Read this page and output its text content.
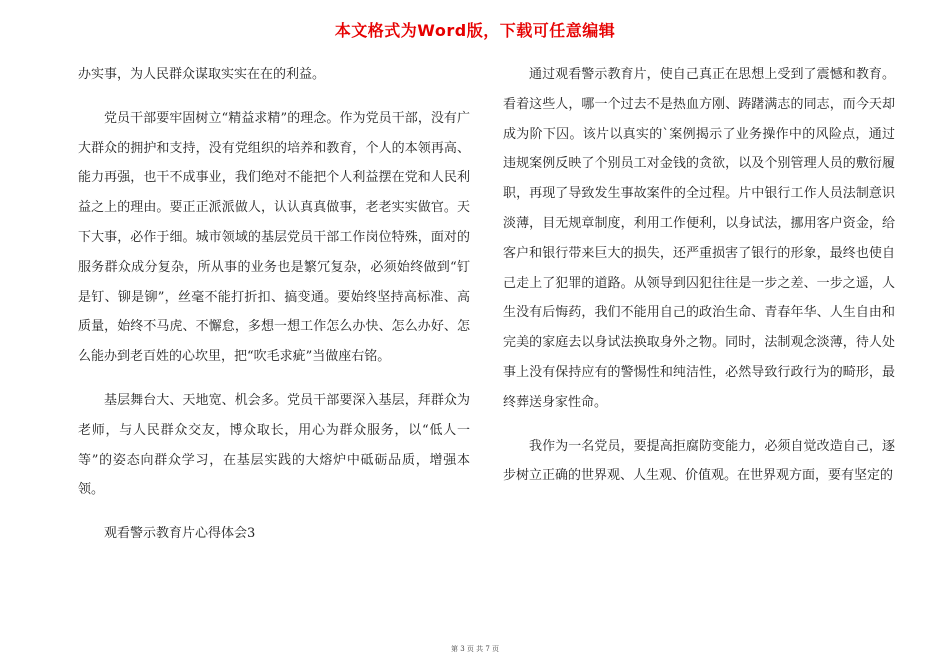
本文格式为Word版，下载可任意编辑

办实事，为人民群众谋取实实在在的利益。

党员干部要牢固树立“精益求精”的理念。作为党员干部，没有广大群众的拥护和支持，没有党组织的培养和教育，个人的本领再高、能力再强，也干不成事业，我们绝对不能把个人利益摆在党和人民利益之上的理由。要正正派派做人，认认真真做事，老老实实做官。天下大事，必作于细。城市领域的基层党员干部工作岗位特殊，面对的服务群众成分复杂，所从事的业务也是繁冗复杂，必须始终做到“钉是钉、铆是铆”，丝毫不能打折扣、搞变通。要始终坚持高标准、高质量，始终不马虎、不懈怠，多想一想工作怎么办快、怎么办好、怎么能办到老百姓的心坎里，把“吹毛求疵”当做座右铭。

基层舞台大、天地宽、机会多。党员干部要深入基层，拜群众为老师，与人民群众交友，博众取长，用心为群众服务，以“低人一等”的姿态向群众学习，在基层实践的大熔炉中砥砺品质，增强本领。

观看警示教育片心得体会3

通过观看警示教育片，使自己真正在思想上受到了震憾和教育。看着这些人，哪一个过去不是热血方刚、踌躇满志的同志，而今天却成为阶下囚。该片以真实的`案例揭示了业务操作中的风险点，通过违规案例反映了个别员工对金钱的贪欲，以及个别管理人员的敷衍履职，再现了导致发生事故案件的全过程。片中银行工作人员法制意识淡薄，目无规章制度，利用工作便利，以身试法，挪用客户资金，给客户和银行带来巨大的损失，还严重损害了银行的形象，最终也使自己走上了犯罪的道路。从领导到囚犯往往是一步之差、一步之遥，人生没有后悔药，我们不能用自己的政治生命、青春年华、人生自由和完美的家庭去以身试法换取身外之物。同时，法制观念淡薄，待人处事上没有保持应有的警惕性和纯洁性，必然导致行政行为的畸形，最终葬送身家性命。

我作为一名党员，要提高拒腐防变能力，必须自觉改造自己，逐步树立正确的世界观、人生观、价值观。在世界观方面，要有坚定的

第 3 页 共 7 页
